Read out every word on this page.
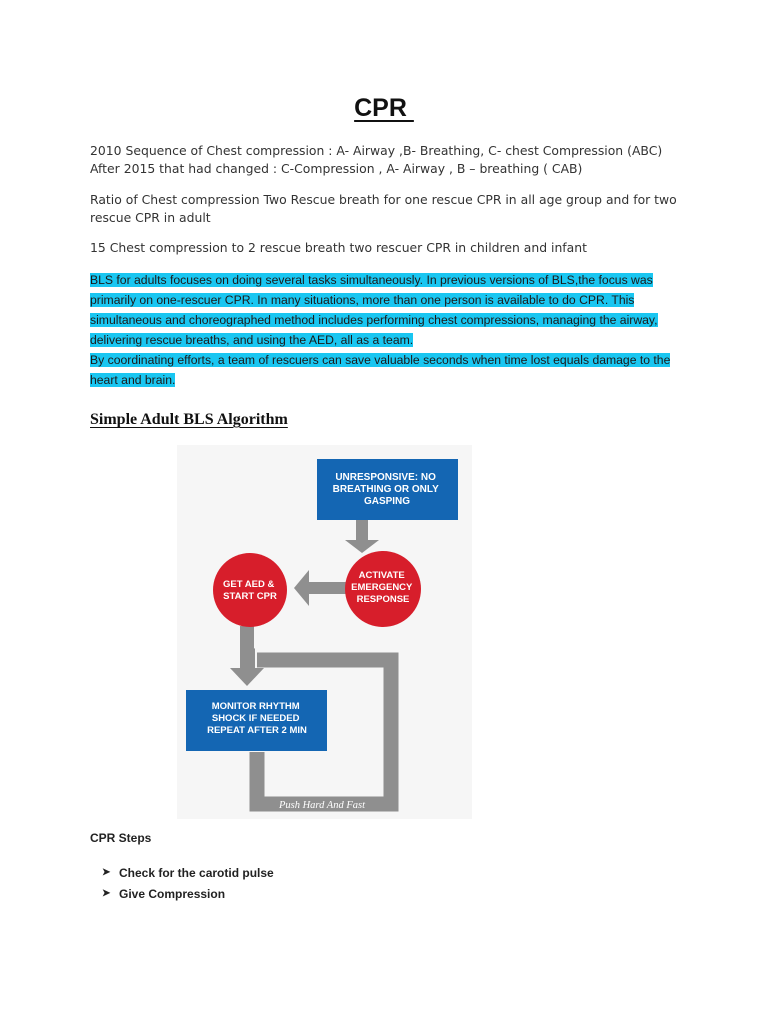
CPR

2010 Sequence of Chest compression : A- Airway ,B- Breathing, C- chest Compression (ABC) After 2015 that had changed : C-Compression , A- Airway , B – breathing ( CAB)

Ratio of Chest compression Two Rescue breath for one rescue CPR in all age group and for two rescue CPR in adult

15 Chest compression to 2 rescue breath two rescuer CPR in children and infant

BLS for adults focuses on doing several tasks simultaneously. In previous versions of BLS,the focus was primarily on one-rescuer CPR. In many situations, more than one person is available to do CPR. This simultaneous and choreographed method includes performing chest compressions, managing the airway, delivering rescue breaths, and using the AED, all as a team.

By coordinating efforts, a team of rescuers can save valuable seconds when time lost equals damage to the heart and brain.

Simple Adult BLS Algorithm
Push Hard And Fast
UNRESPONSIVE: NO BREATHING OR ONLY GASPING
ACTIVATE EMERGENCY RESPONSE
GET AED & START CPR
MONITOR RHYTHM SHOCK IF NEEDED REPEAT AFTER 2 MIN
CPR Steps
➤ Check for the carotid pulse
➤ Give Compression
